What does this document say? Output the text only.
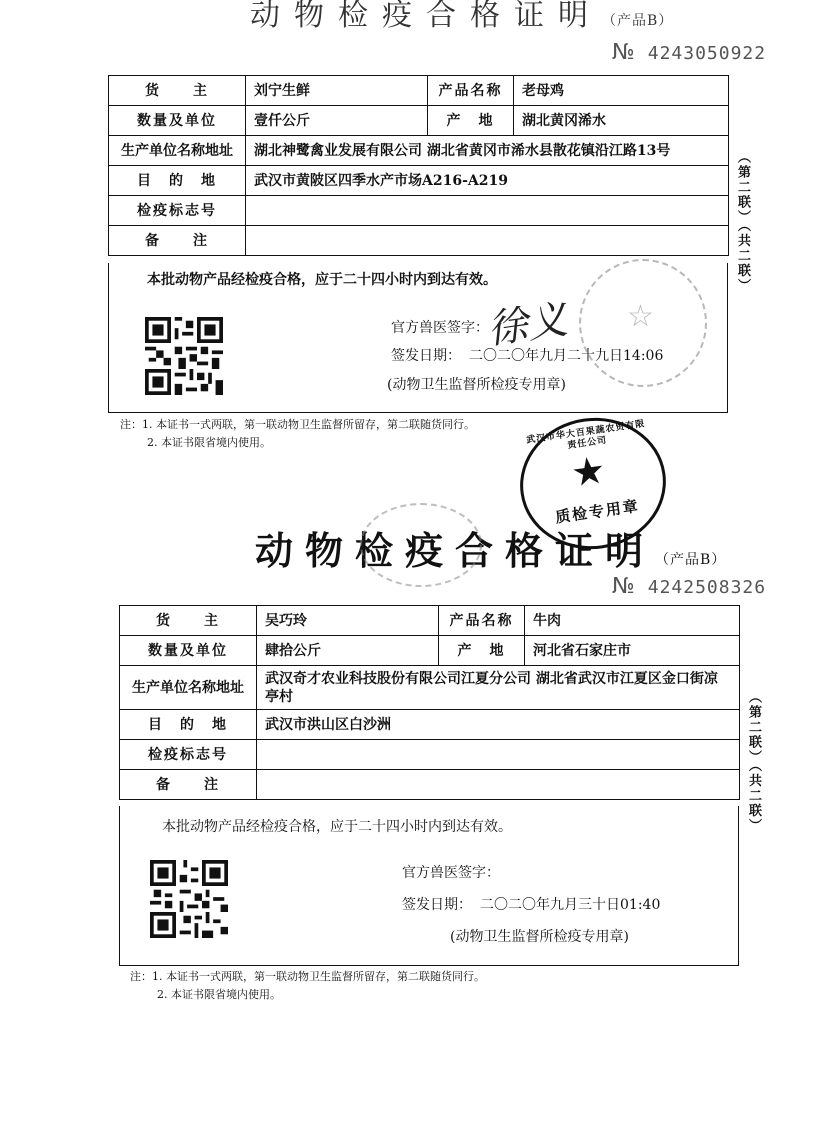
动物检疫合格证明（产品B）
№ 4243050922
货　　主	刘宁生鲜	产品名称	老母鸡
数量及单位	壹仟公斤	产　地	湖北黄冈浠水
生产单位名称地址	湖北神鹭禽业发展有限公司 湖北省黄冈市浠水县散花镇沿江路13号		
目　的　地	武汉市黄陂区四季水产市场A216-A219		
检疫标志号			
备　　注			
本批动物产品经检疫合格，应于二十四小时内到达有效。
官方兽医签字：
徐义
签发日期： 二〇二〇年九月二十九日14:06
(动物卫生监督所检疫专用章)
☆
（第二联）（共二联）
注：1. 本证书一式两联，第一联动物卫生监督所留存，第二联随货同行。
2. 本证书限省境内使用。	武汉市华大百果蔬农贸有限责任公司
★
质检专用章
动物检疫合格证明（产品B）
№ 4242508326
货　　主	吴巧玲	产品名称	牛肉
数量及单位	肆拾公斤	产　地	河北省石家庄市
生产单位名称地址	武汉奇才农业科技股份有限公司江夏分公司 湖北省武汉市江夏区金口街凉亭村		
目　的　地	武汉市洪山区白沙洲		
检疫标志号			
备　　注			
本批动物产品经检疫合格，应于二十四小时内到达有效。
官方兽医签字：
签发日期： 二〇二〇年九月三十日01:40
(动物卫生监督所检疫专用章)
（第二联）（共二联）
注：1. 本证书一式两联，第一联动物卫生监督所留存，第二联随货同行。
2. 本证书限省境内使用。
